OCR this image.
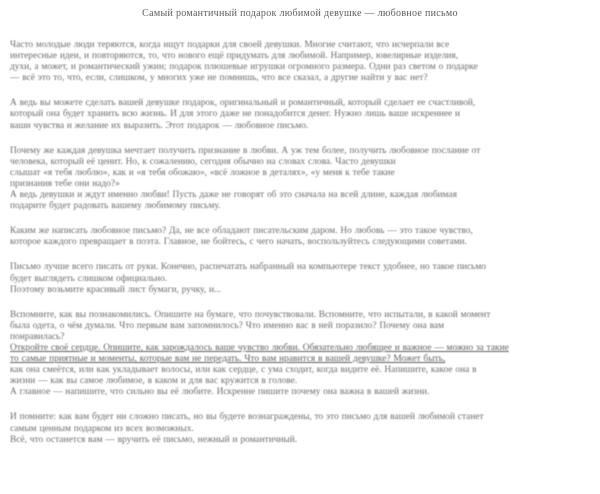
Самый романтичный подарок любимой девушке — любовное письмо
Часто молодые люди теряются, когда ищут подарки для своей девушки. Многие считают, что исчерпали все
интересные идеи, и повторяются, то, что нового ещё придумать для любимой. Например, ювелирные изделия,
духи, а может, и романтический ужин; подарок плюшевые игрушки огромного размера. Одни раз светом о подарке
— всё это то, что, если, слишком, у многих уже не помнишь, что все сказал, а другие найти у вас нет?
А ведь вы можете сделать вашей девушке подарок, оригинальный и романтичный, который сделает ее счастливой,
который она будет хранить всю жизнь. И для этого даже не понадобится денег. Нужно лишь ваше искреннее и
ваши чувства и желание их выразить. Этот подарок — любовное письмо.
Почему же каждая девушка мечтает получить признание в любви. А уж тем более, получить любовное послание от
человека, который её ценит. Но, к сожалению, сегодня обычно на словах слова. Часто девушки
слышат «я тебя люблю», как и «я тебя обожаю», «всё ложное в деталях», «у меня к тебе такие
признания тебе они надо?»
А ведь девушки и ждут именно любви! Пусть даже не говорят об это сначала на всей длине, каждая любимая
подарите будет радовать вашему любимому письму.
Каким же написать любовное письмо? Да, не все обладают писательским даром. Но любовь — это такое чувство,
которое каждого превращает в поэта. Главное, не бойтесь, с чего начать, воспользуйтесь следующими советами.
Письмо лучше всего писать от руки. Конечно, распечатать набранный на компьютере текст удобнее, но такое письмо
будет выглядеть слишком официально.
Поэтому возьмите красивый лист бумаги, ручку, и...
Вспомните, как вы познакомились. Опишите на бумаге, что почувствовали. Вспомните, что испытали, в какой момент
была одета, о чём думали. Что первым вам запомнилось? Что именно вас в ней поразило? Почему она вам
понравилась?
Откройте своё сердце. Опишите, как зарождалось ваше чувство любви. Обязательно любящее и важное — можно за такие
то самые приятные и моменты, которые вам не передать. Что вам нравится в вашей девушке? Может быть,
как она смеётся, или как укладывает волосы, или как сердце, с ума сходит, когда видите её. Напишите, какое она в
жизни — как вы самое любимое, в каком и для вас кружится в голове.
А главное — напишите, что сильно вы её любите. Искренне пишите почему она важна в вашей жизни.
И помните: как вам будет ни сложно писать, но вы будете вознаграждены, то это письмо для вашей любимой станет
самым ценным подарком из всех возможных.
Всё, что останется вам — вручить её письмо, нежный и романтичный.
